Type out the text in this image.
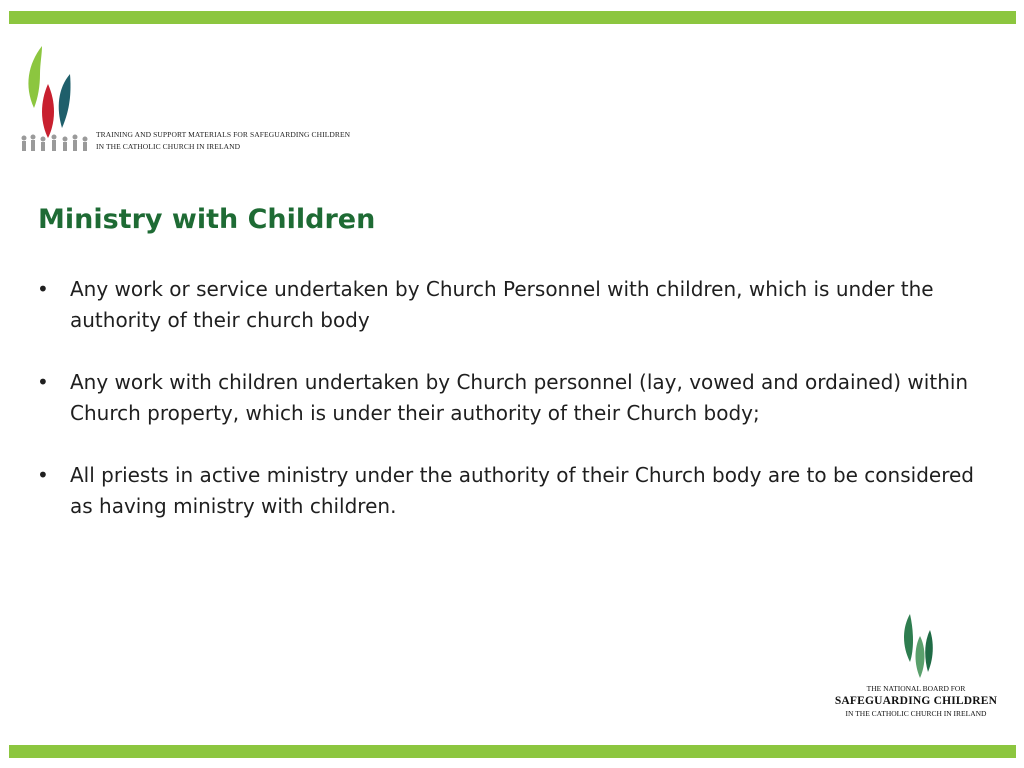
TRAINING AND SUPPORT MATERIALS FOR SAFEGUARDING CHILDREN
IN THE CATHOLIC CHURCH IN IRELAND
Ministry with Children
• Any work or service undertaken by Church Personnel with children, which is under the authority of their church body
• Any work with children undertaken by Church personnel (lay, vowed and ordained) within Church property, which is under their authority of their Church body;
• All priests in active ministry under the authority of their Church body are to be considered as having ministry with children.
THE NATIONAL BOARD FOR
SAFEGUARDING CHILDREN
IN THE CATHOLIC CHURCH IN IRELAND
